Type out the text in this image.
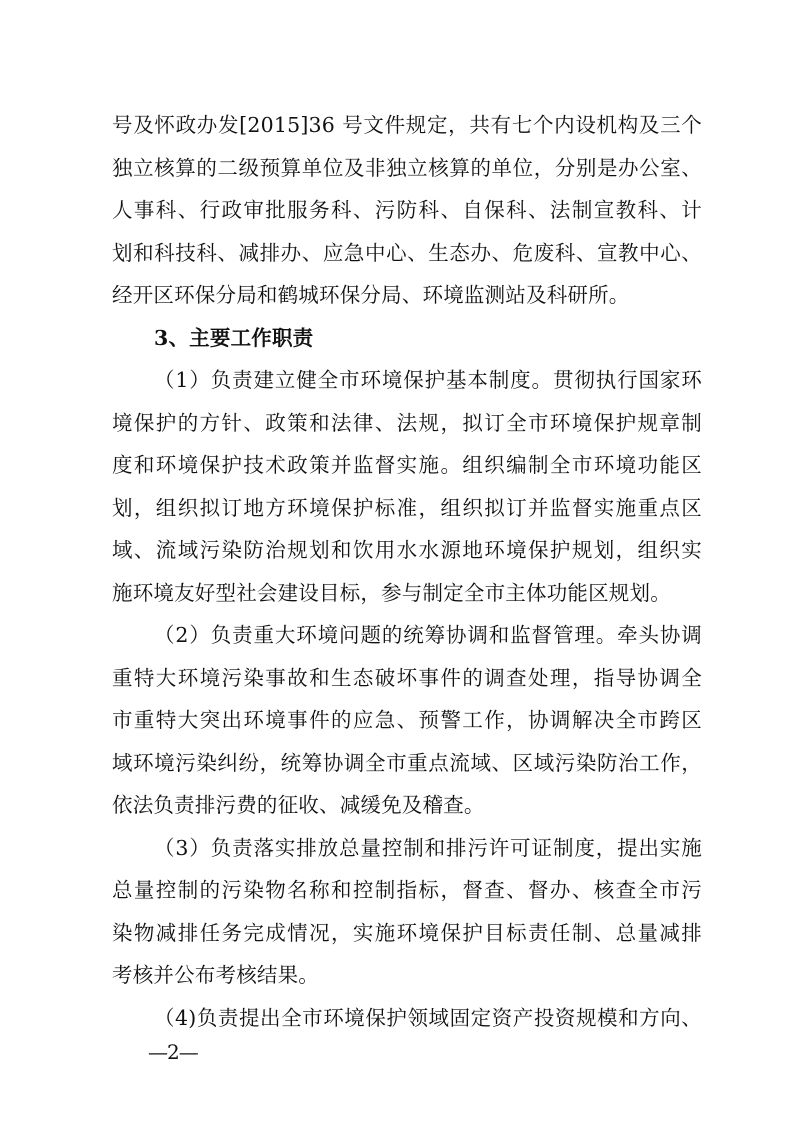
号及怀政办发[2015]36 号文件规定，共有七个内设机构及三个
独立核算的二级预算单位及非独立核算的单位，分别是办公室、
人事科、行政审批服务科、污防科、自保科、法制宣教科、计
划和科技科、减排办、应急中心、生态办、危废科、宣教中心、
经开区环保分局和鹤城环保分局、环境监测站及科研所。
3、主要工作职责
（1）负责建立健全市环境保护基本制度。贯彻执行国家环
境保护的方针、政策和法律、法规，拟订全市环境保护规章制
度和环境保护技术政策并监督实施。组织编制全市环境功能区
划，组织拟订地方环境保护标准，组织拟订并监督实施重点区
域、流域污染防治规划和饮用水水源地环境保护规划，组织实
施环境友好型社会建设目标，参与制定全市主体功能区规划。
（2）负责重大环境问题的统筹协调和监督管理。牵头协调
重特大环境污染事故和生态破坏事件的调查处理，指导协调全
市重特大突出环境事件的应急、预警工作，协调解决全市跨区
域环境污染纠纷，统筹协调全市重点流域、区域污染防治工作，
依法负责排污费的征收、减缓免及稽查。
（3）负责落实排放总量控制和排污许可证制度，提出实施
总量控制的污染物名称和控制指标，督查、督办、核查全市污
染物减排任务完成情况，实施环境保护目标责任制、总量减排
考核并公布考核结果。
（4)负责提出全市环境保护领域固定资产投资规模和方向、
—2—
